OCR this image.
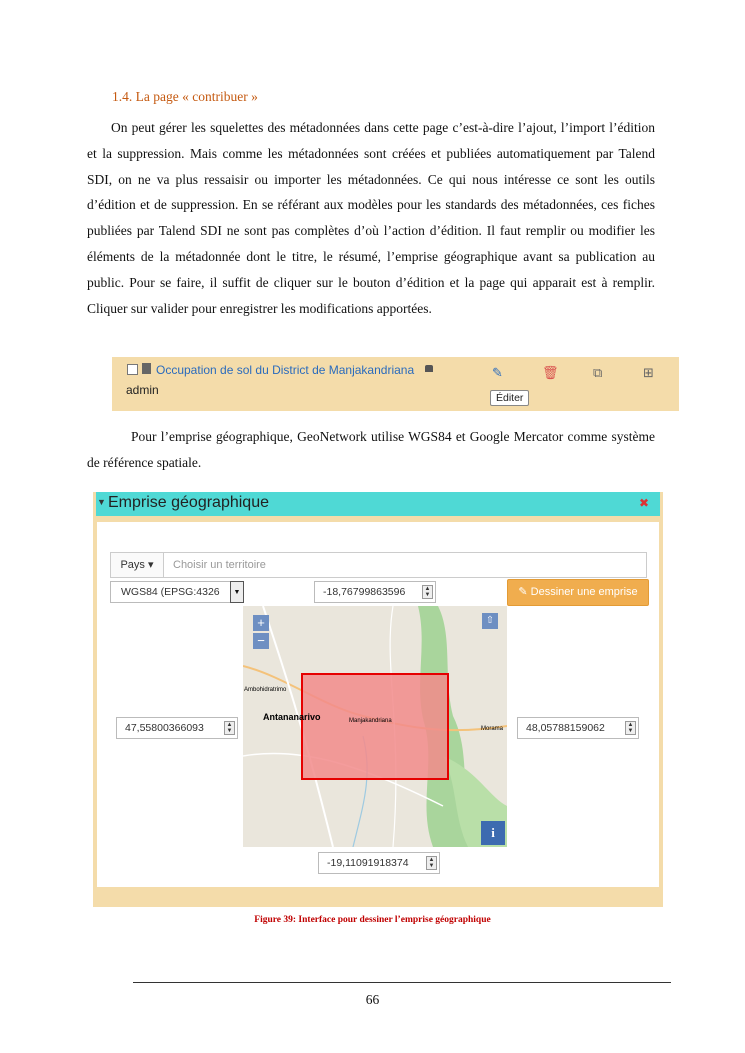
1.4. La page « contribuer »
On peut gérer les squelettes des métadonnées dans cette page c’est-à-dire l’ajout, l’import l’édition et la suppression. Mais comme les métadonnées sont créées et publiées automatiquement par Talend SDI, on ne va plus ressaisir ou importer les métadonnées. Ce qui nous intéresse ce sont les outils d’édition et de suppression. En se référant aux modèles pour les standards des métadonnées, ces fiches publiées par Talend SDI ne sont pas complètes d’où l’action d’édition. Il faut remplir ou modifier les éléments de la métadonnée dont le titre, le résumé, l’emprise géographique avant sa publication au public. Pour se faire, il suffit de cliquer sur le bouton d’édition et la page qui apparait est à remplir. Cliquer sur valider pour enregistrer les modifications apportées.
Occupation de sol du District de Manjakandriana
admin
✎	🗑	⧉	⊞
Éditer
Pour l’emprise géographique, GeoNetwork utilise WGS84 et Google Mercator comme système de référence spatiale.
▼ Emprise géographique	✖
Pays ▾	Choisir un territoire
WGS84 (EPSG:4326	▼	-18,76799863596	▲
▼	✎ Dessiner une emprise
Ambohidratrimo
Antananarivo	Manjakandriana
Morama
+
−
⇧
i
47,55800366093	▲
▼	48,05788159062	▲
▼
-19,11091918374	▲
▼
Figure 39: Interface pour dessiner l’emprise géographique
66
